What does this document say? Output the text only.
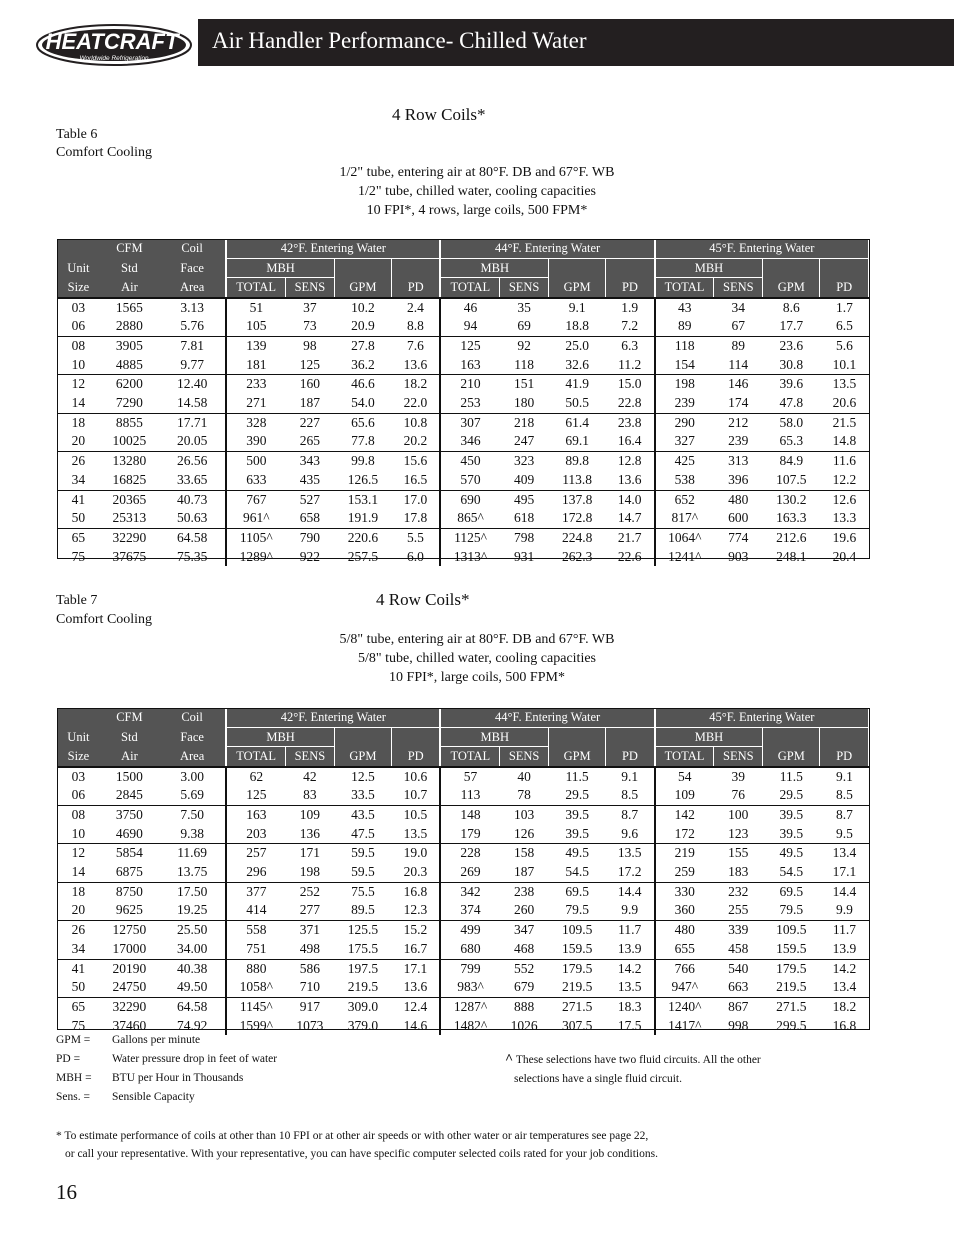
HEATCRAFT
Worldwide Refrigeration
Air Handler Performance- Chilled Water
4 Row Coils*
Table 6
Comfort Cooling
1/2" tube, entering air at 80°F. DB and 67°F. WB
1/2" tube, chilled water, cooling capacities
10 FPI*, 4 rows, large coils, 500 FPM*
	CFM	Coil	42°F. Entering Water				44°F. Entering Water				45°F. Entering Water			
Unit	Std	Face	MBH				MBH				MBH			
Size	Air	Area	TOTAL	SENS	GPM	PD	TOTAL	SENS	GPM	PD	TOTAL	SENS	GPM	PD
03	1565	3.13	51	37	10.2	2.4	46	35	9.1	1.9	43	34	8.6	1.7
06	2880	5.76	105	73	20.9	8.8	94	69	18.8	7.2	89	67	17.7	6.5
08	3905	7.81	139	98	27.8	7.6	125	92	25.0	6.3	118	89	23.6	5.6
10	4885	9.77	181	125	36.2	13.6	163	118	32.6	11.2	154	114	30.8	10.1
12	6200	12.40	233	160	46.6	18.2	210	151	41.9	15.0	198	146	39.6	13.5
14	7290	14.58	271	187	54.0	22.0	253	180	50.5	22.8	239	174	47.8	20.6
18	8855	17.71	328	227	65.6	10.8	307	218	61.4	23.8	290	212	58.0	21.5
20	10025	20.05	390	265	77.8	20.2	346	247	69.1	16.4	327	239	65.3	14.8
26	13280	26.56	500	343	99.8	15.6	450	323	89.8	12.8	425	313	84.9	11.6
34	16825	33.65	633	435	126.5	16.5	570	409	113.8	13.6	538	396	107.5	12.2
41	20365	40.73	767	527	153.1	17.0	690	495	137.8	14.0	652	480	130.2	12.6
50	25313	50.63	961^	658	191.9	17.8	865^	618	172.8	14.7	817^	600	163.3	13.3
65	32290	64.58	1105^	790	220.6	5.5	1125^	798	224.8	21.7	1064^	774	212.6	19.6
75	37675	75.35	1289^	922	257.5	6.0	1313^	931	262.3	22.6	1241^	903	248.1	20.4
Table 7	4 Row Coils*
Comfort Cooling
5/8" tube, entering air at 80°F. DB and 67°F. WB
5/8" tube, chilled water, cooling capacities
10 FPI*, large coils, 500 FPM*
	CFM	Coil	42°F. Entering Water				44°F. Entering Water				45°F. Entering Water			
Unit	Std	Face	MBH				MBH				MBH			
Size	Air	Area	TOTAL	SENS	GPM	PD	TOTAL	SENS	GPM	PD	TOTAL	SENS	GPM	PD
03	1500	3.00	62	42	12.5	10.6	57	40	11.5	9.1	54	39	11.5	9.1
06	2845	5.69	125	83	33.5	10.7	113	78	29.5	8.5	109	76	29.5	8.5
08	3750	7.50	163	109	43.5	10.5	148	103	39.5	8.7	142	100	39.5	8.7
10	4690	9.38	203	136	47.5	13.5	179	126	39.5	9.6	172	123	39.5	9.5
12	5854	11.69	257	171	59.5	19.0	228	158	49.5	13.5	219	155	49.5	13.4
14	6875	13.75	296	198	59.5	20.3	269	187	54.5	17.2	259	183	54.5	17.1
18	8750	17.50	377	252	75.5	16.8	342	238	69.5	14.4	330	232	69.5	14.4
20	9625	19.25	414	277	89.5	12.3	374	260	79.5	9.9	360	255	79.5	9.9
26	12750	25.50	558	371	125.5	15.2	499	347	109.5	11.7	480	339	109.5	11.7
34	17000	34.00	751	498	175.5	16.7	680	468	159.5	13.9	655	458	159.5	13.9
41	20190	40.38	880	586	197.5	17.1	799	552	179.5	14.2	766	540	179.5	14.2
50	24750	49.50	1058^	710	219.5	13.6	983^	679	219.5	13.5	947^	663	219.5	13.4
65	32290	64.58	1145^	917	309.0	12.4	1287^	888	271.5	18.3	1240^	867	271.5	18.2
75	37460	74.92	1599^	1073	379.0	14.6	1482^	1026	307.5	17.5	1417^	998	299.5	16.8
GPM =	Gallons per minute
PD =	Water pressure drop in feet of water
MBH =	BTU per Hour in Thousands
Sens. =	Sensible Capacity
^ These selections have two fluid circuits. All the other
selections have a single fluid circuit.
* To estimate performance of coils at other than 10 FPI or at other air speeds or with other water or air temperatures see page 22,
or call your representative. With your representative, you can have specific computer selected coils rated for your job conditions.
16
